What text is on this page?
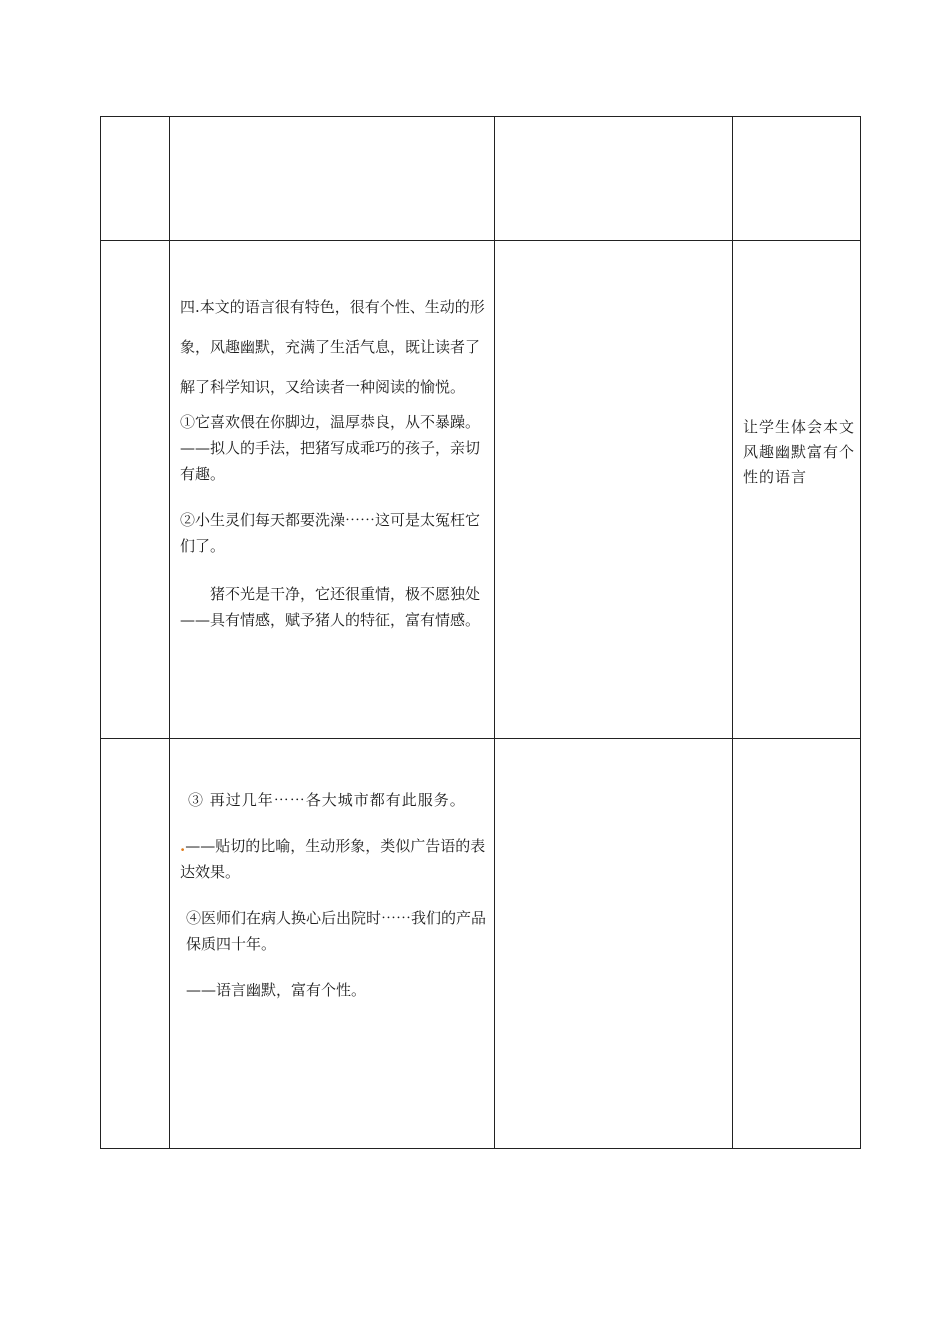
	四.本文的语言很有特色，很有个性、生动的形象，风趣幽默，充满了生活气息，既让读者了解了科学知识，又给读者一种阅读的愉悦。

①它喜欢偎在你脚边，温厚恭良，从不暴躁。——拟人的手法，把猪写成乖巧的孩子，亲切有趣。

②小生灵们每天都要洗澡⋯⋯这可是太冤枉它们了。

猪不光是干净，它还很重情，极不愿独处——具有情感，赋予猪人的特征，富有情感。		让学生体会本文风趣幽默富有个性的语言

	③ 再过几年⋯⋯各大城市都有此服务。

.——贴切的比喻，生动形象，类似广告语的表达效果。

④医师们在病人换心后出院时⋯⋯我们的产品保质四十年。

——语言幽默，富有个性。		
